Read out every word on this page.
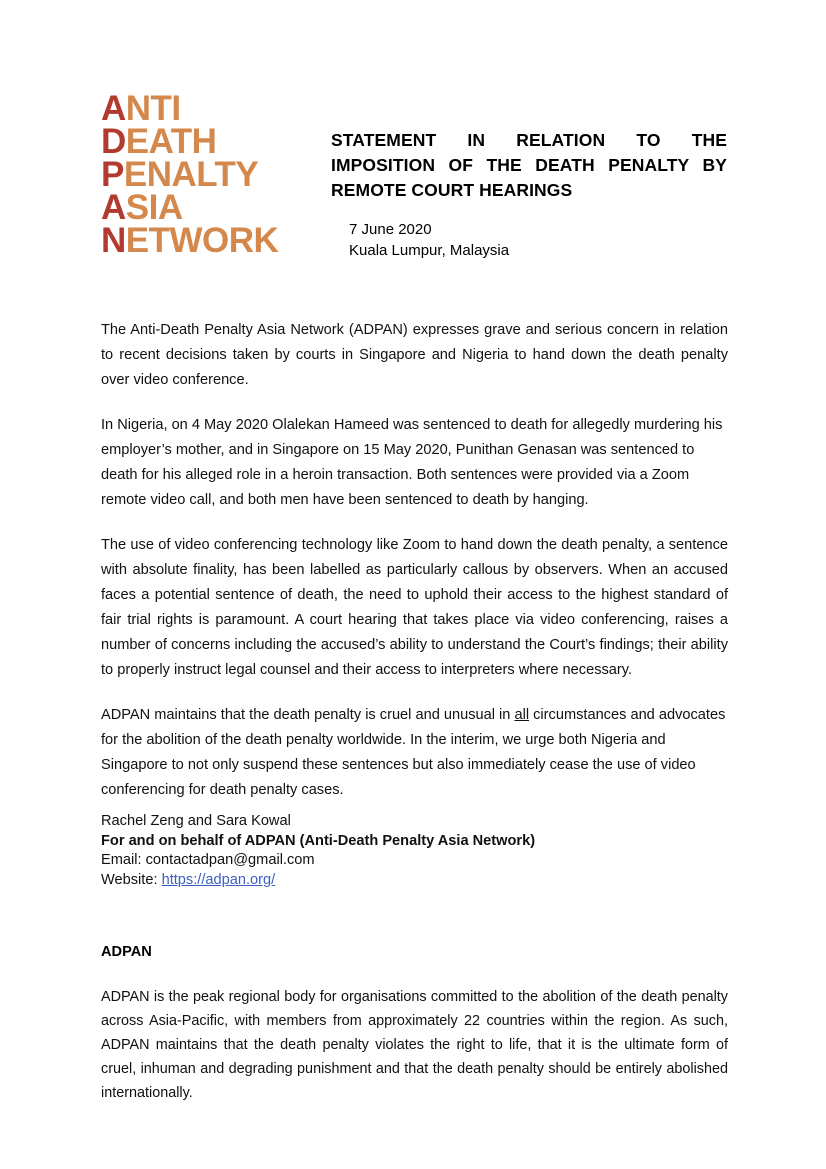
ANTI
DEATH
PENALTY
ASIA
NETWORK
STATEMENT IN RELATION TO THE IMPOSITION OF THE DEATH PENALTY BY REMOTE COURT HEARINGS
7 June 2020
Kuala Lumpur, Malaysia

The Anti-Death Penalty Asia Network (ADPAN) expresses grave and serious concern in relation to recent decisions taken by courts in Singapore and Nigeria to hand down the death penalty over video conference.

In Nigeria, on 4 May 2020 Olalekan Hameed was sentenced to death for allegedly murdering his employer’s mother, and in Singapore on 15 May 2020, Punithan Genasan was sentenced to death for his alleged role in a heroin transaction. Both sentences were provided via a Zoom remote video call, and both men have been sentenced to death by hanging.

The use of video conferencing technology like Zoom to hand down the death penalty, a sentence with absolute finality, has been labelled as particularly callous by observers. When an accused faces a potential sentence of death, the need to uphold their access to the highest standard of fair trial rights is paramount. A court hearing that takes place via video conferencing, raises a number of concerns including the accused’s ability to understand the Court’s findings; their ability to properly instruct legal counsel and their access to interpreters where necessary.

ADPAN maintains that the death penalty is cruel and unusual in all circumstances and advocates for the abolition of the death penalty worldwide. In the interim, we urge both Nigeria and Singapore to not only suspend these sentences but also immediately cease the use of video conferencing for death penalty cases.

Rachel Zeng and Sara Kowal
For and on behalf of ADPAN (Anti-Death Penalty Asia Network)
Email: contactadpan@gmail.com
Website: https://adpan.org/

ADPAN

ADPAN is the peak regional body for organisations committed to the abolition of the death penalty across Asia-Pacific, with members from approximately 22 countries within the region. As such, ADPAN maintains that the death penalty violates the right to life, that it is the ultimate form of cruel, inhuman and degrading punishment and that the death penalty should be entirely abolished internationally.
